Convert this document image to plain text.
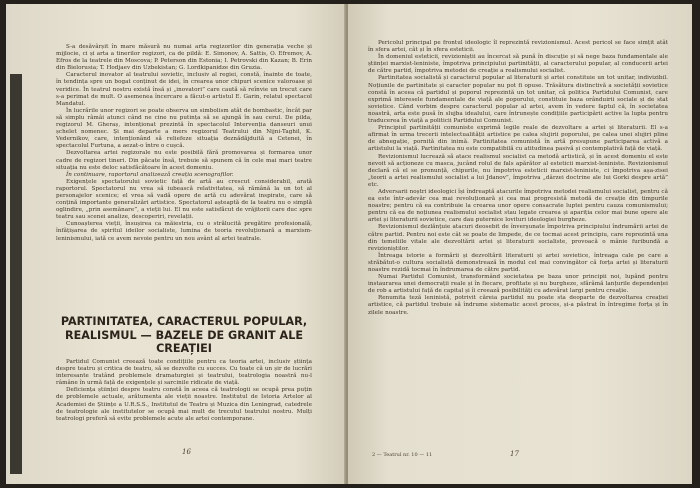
S-a desăvârșit în mare măsură nu numai arta regizorilor din generația veche și mijlocie, ci și arta a tinerilor regizori, ca de pildă: E. Simonov, A. Sattis, O. Efremov, A. Efros de la teatrele din Moscova; P. Peterson din Estonia; I. Petrovski din Kazan; B. Erin din Bielorusia; T. Hodjaev din Uzbekistan; G. Lordkipanidze din Gruzia.

Caracterul inovator al teatrului sovietic, inclusiv al regiei, constă, înainte de toate, în tendința spre un bogat conținut de idei, în crearea unor chipuri scenice valoroase și veridice. În teatrul nostru există însă și „inovatori” care caută să reînvie un trecut care s-a perimat de mult. O asemenea încercare a făcut-o artistul E. Garin, relatul spectacol Mandatul.

În lucrările unor regizori se poate observa un simbolism atât de bombastic, încât par să simplu râmâi atunci când ne cine nu putința să se ajungă în sau cerul. De pilda, regizorul M. Gheraș, intenționat prezintă în spectacolul Intervenția danseuri unui șchelet nomenec. Și mai departe a mers regizorul Teatrului din Nijni-Taghil, K. Vedernikov, care, intenționând să reliefeze situația deznădăjduită a Cetenei, în spectacolul Furtuna, a aezat-o între o cușcă.

Dezvoltarea artei regizorale nu este posibilă fără promovarea și formarea unor cadre de regizori tineri. Din păcate însă, trebuie să spunem că în cele mai mari teatre situația nu este deloc satisfăcătoare în acest domeniu.

În continuare, raportorul analizează creația scenografilor.

Exigențele spectatorului sovietic față de artă au crescut considerabil, arată raportorul. Spectatorul nu vrea să iubească relativitatea, să rămână la un tot al personajelor scenice; el vrea să vadă opere de artă cu adevărat inspirate, care să conțină importante generalizări artistice. Spectatorul așteaptă de la teatru nu o simplă oglindire, „prin asemănare”, a vieții lui. El nu este satisfăcut de vrăjitorii care duc spre teatru sau scenei analize, descoperiri, revelații.

Cunoașterea vieții, însușirea ca măiestria, cu o strălucită pregătire profesională, înfățișarea de spiritul ideilor socialiste, lumina de teoria revoluționară a marxism-leninismului, iată ce avem nevoie pentru un nou avânt al artei teatrale.

PARTINITATEA, CARACTERUL POPULAR, REALISMUL — BAZELE DE GRANIT ALE CREAȚIEI

Partidul Comunist creează toate condițiile pentru ca teoria artei, inclusiv știința despre teatru și critica de teatru, să se dezvolte cu succes. Cu toate că un șir de lucrări interesante tratând problemele dramaturgiei și teatrului, teatrologia noastră nu-l râmâne în urmă față de exigențele și sarcinile ridicate de viață.

Deficiența științei despre teatru constă în aceea că teatrologii se ocupă prea puțin de problemele actuale, arătumenta ale vieții noastre. Institutul de Istoria Artelor al Academiei de Științe a U.R.S.S., Institutul de Teatru și Muzica din Leningrad, catedrele de teatrologie ale institutelor se ocupă mai mult de trecutul teatrului nostru. Mulți teatrologi preferă să evite problemele acute ale artei contemporane.

16

Pericolul principal pe frontul ideologic îl reprezintă revizionismul. Acest pericol se face simțit atât în sfera artei, cât și în sfera esteticii.

În domeniul esteticii, revizioniștii au încercat să pună în discuție și să nege baza fundamentale ale științei marxist-leniniste, împotriva principiului partinității, al caracterului popular, al conducerii artei de către partid, împotriva metodei de creație a realismului socialist.

Partinitatea socialistă și caracterul popular al literaturii și artei constituie un tot unitar, indivizibil. Noțiunile de partinitate și caracter popular nu pot fi opuse. Trăsătura distinctivă a societății sovietice constă în aceea că partidul și poporul reprezintă un tot unitar, că politica Partidului Comunist, care exprimă interesele fundamentale de viață ale poporului, constituie baza orânduirii sociale și de stat sovietice. Când vorbim despre caracterul popular al artei, avem în vedere faptul că, în societatea noastră, arta este pusă în slujba idealului, care întrunește condițiile participării active la lupta pentru traducerea în viață a politicii Partidului Comunist.

Principiul partinității comuniste exprimă legile reale de dezvoltare a artei și literaturii. El s-a afirmat în urma trecerii intelectualității artistice pe calea slujirii poporului, pe calea unei slujiri pline de abnegație, pornită din inimă. Partinitatea comunistă în artă presupune participarea activă a artistului la viață. Partinitatea nu este compatibilă cu atitudinea pasivă și contemplativă față de viață.

Revizionismul lucrează să atace realismul socialist ca metodă artistică, și în acest domeniu el este nevoit să acționeze cu masca, jucând rolul de fals apărător al esteticii marxist-leniniste. Revizionismul declară că el se pronunță, chipurile, nu împotriva esteticii marxist-leniniste, ci împotriva așa-zisei „teorii a artei realismului socialist a lui Jdanov”, împotriva „dârzei doctrine ale lui Gorki despre artă” etc.

Adversarii noștri ideologici își îndreaptă atacurile împotriva metodei realismului socialist, pentru că ea este într-adevăr cea mai revoluționară și cea mai progresistă metodă de creație din timpurile noastre; pentru că ea contribuie la crearea unor opere consacrate luptei pentru cauza comunismului; pentru că ea de noțiunea realismului socialist stau legate crearea și apariția celor mai bune opere ale artei și literaturii sovietice, care dau puternice lovituri ideologiei burgheze.

Revizionismul dezlănțuie atacuri deosebit de înverșunate împotriva principiului îndrumării artei de către partid. Pentru noi este cât se poate de limpede, de ce tocmai acest principiu, care reprezintă una din temeliile vitale ale dezvoltării artei și literaturii socialiste, provoacă o mânie furibundă a revizioniștilor.

Întreaga istorie a formării și dezvoltării literaturii și artei sovietice, întreaga cale pe care a străbătut-o cultura socialistă demonstrează în modul cel mai convingător că forța artei și literaturii noastre rezidă tocmai în îndrumarea de către partid.

Numai Partidul Comunist, transformând societatea pe baza unor principii noi, lupând pentru instaurarea unei democrații reale și în fiecare, profitate și nu burgheze, sfărâmă lanțurile dependenței de rob a artistului față de capital și îi creează posibilități cu adevărat largi pentru creație.

Renumita teză leninistă, potrivit căreia partidul nu poate sta deoparte de dezvoltarea creației artistice, că partidul trebuie să îndrume sistematic acest proces, și-a păstrat în întregime forța și în zilele noastre.

2 — Teatrul nr. 10 — 11	17
